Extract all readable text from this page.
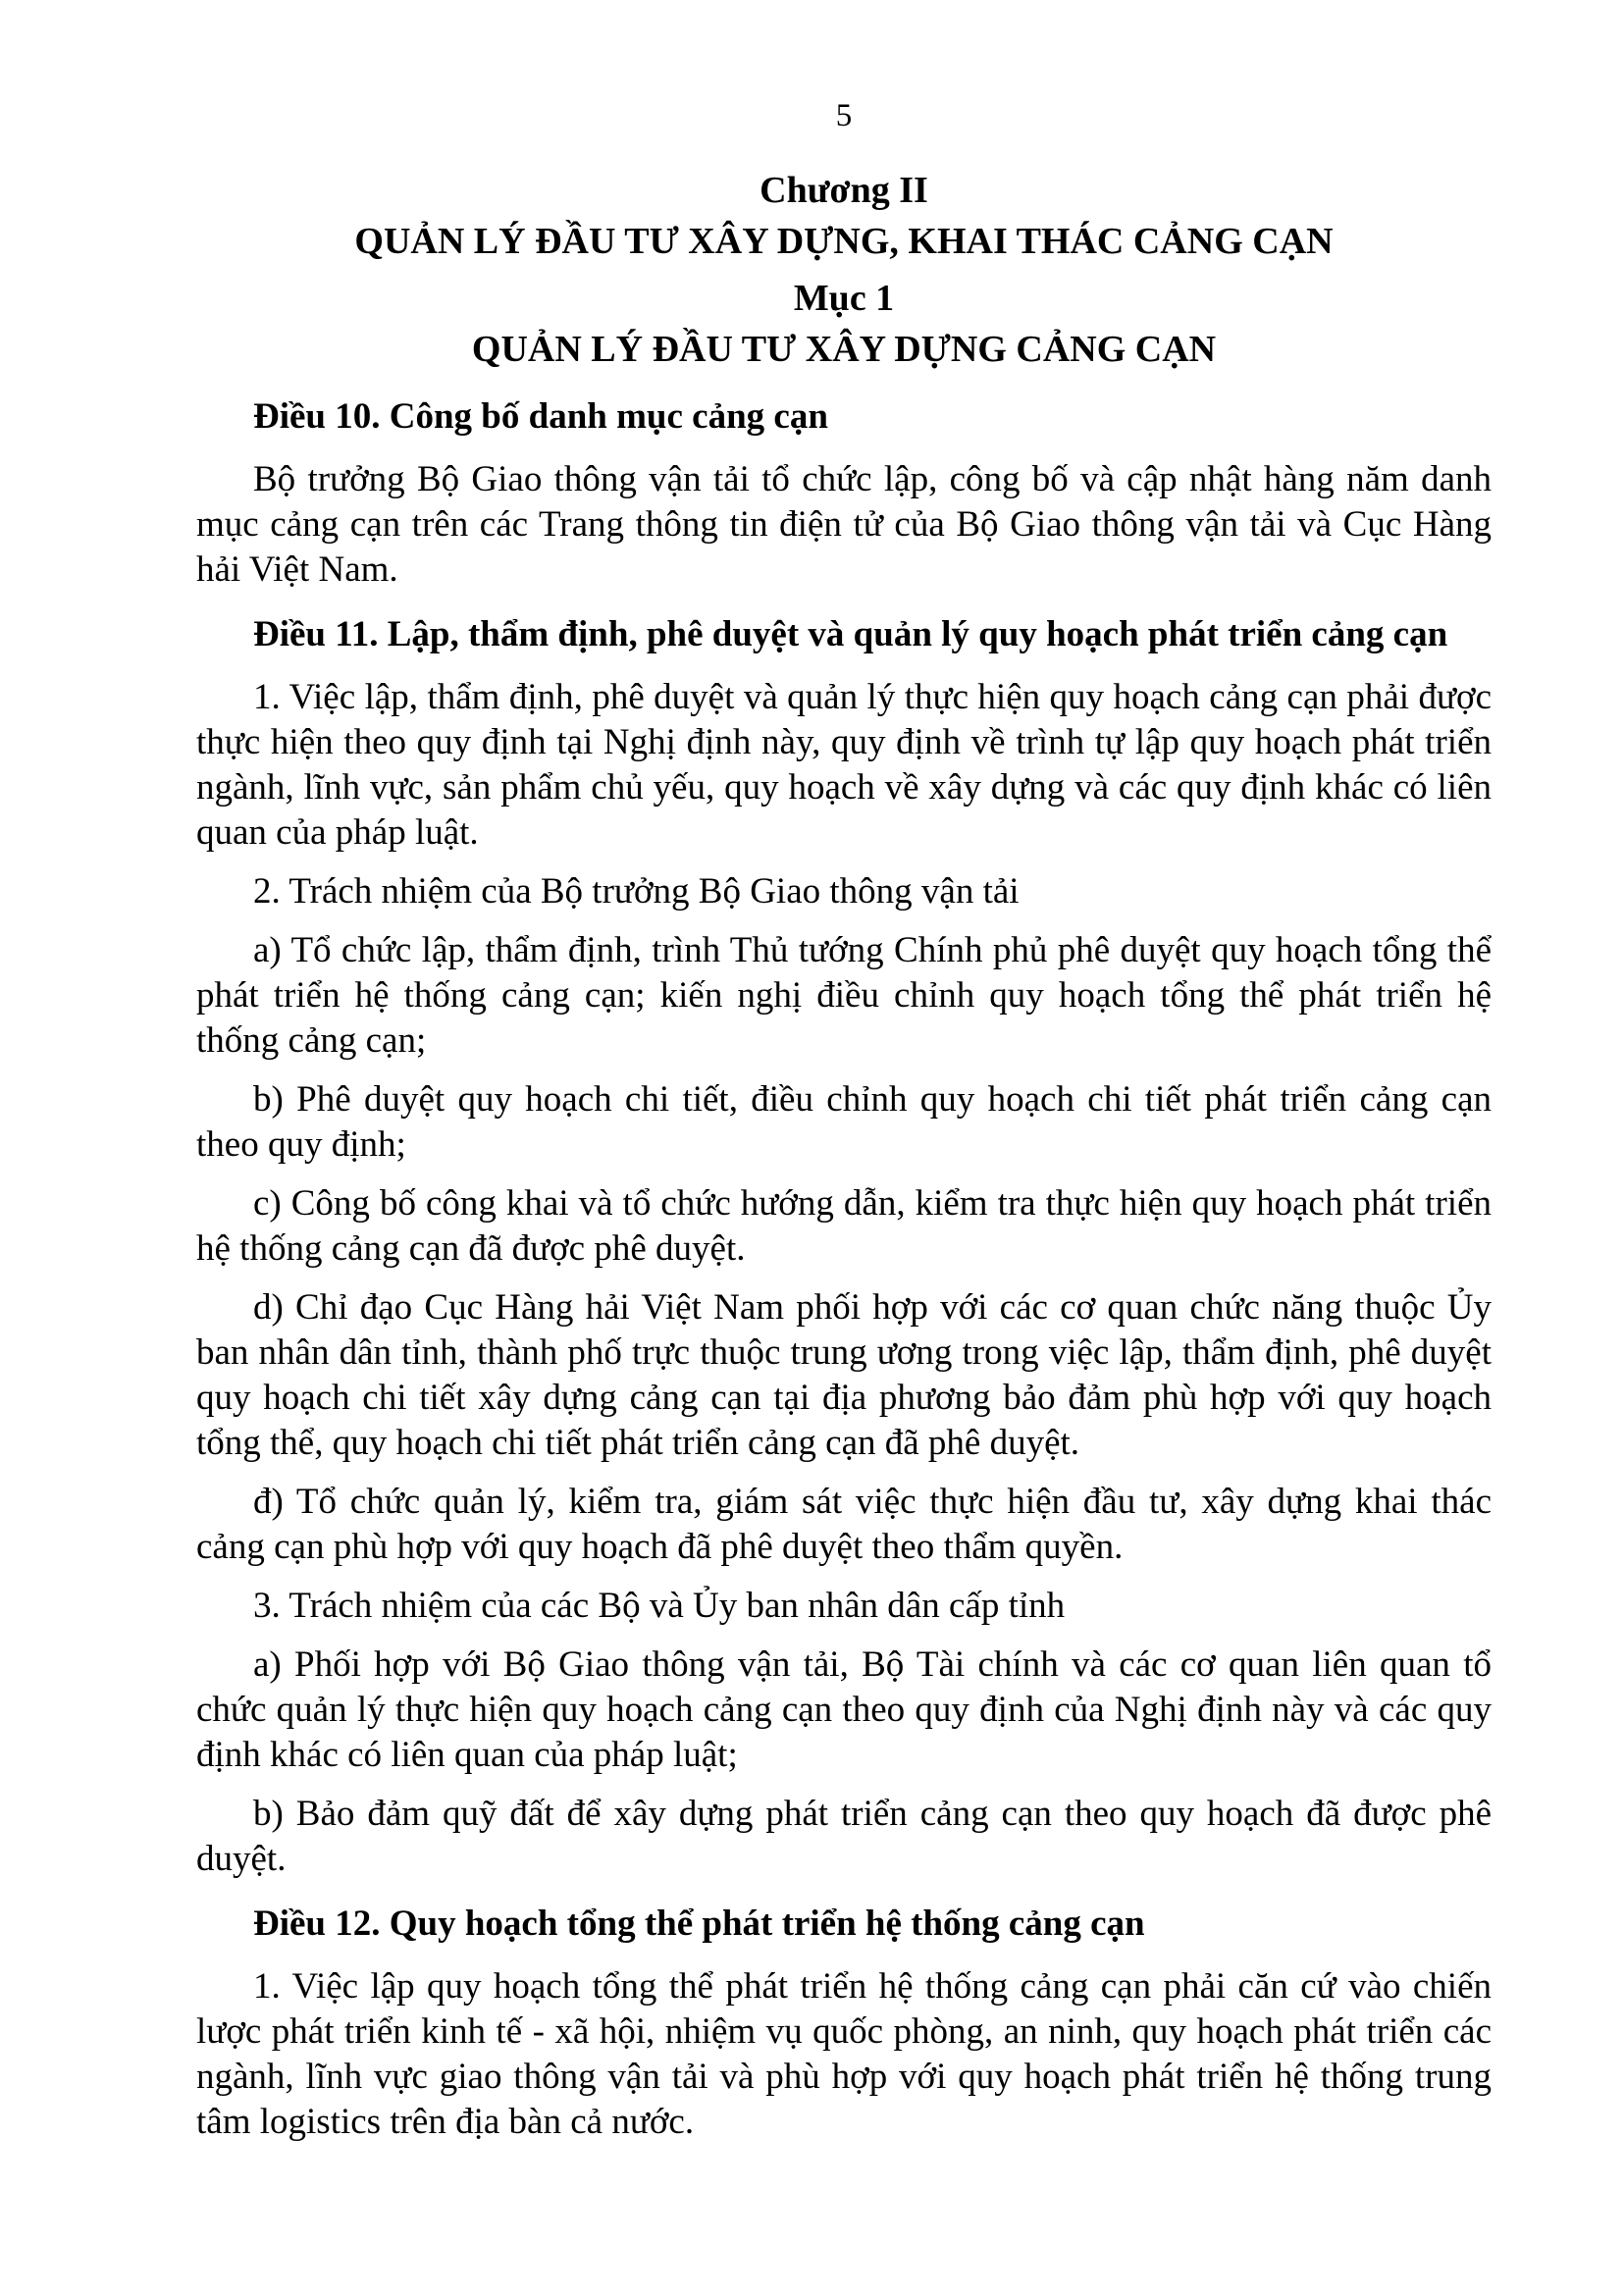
5

Chương II

QUẢN LÝ ĐẦU TƯ XÂY DỰNG, KHAI THÁC CẢNG CẠN

Mục 1

QUẢN LÝ ĐẦU TƯ XÂY DỰNG CẢNG CẠN

Điều 10. Công bố danh mục cảng cạn

Bộ trưởng Bộ Giao thông vận tải tổ chức lập, công bố và cập nhật hàng năm danh mục cảng cạn trên các Trang thông tin điện tử của Bộ Giao thông vận tải và Cục Hàng hải Việt Nam.

Điều 11. Lập, thẩm định, phê duyệt và quản lý quy hoạch phát triển cảng cạn

1. Việc lập, thẩm định, phê duyệt và quản lý thực hiện quy hoạch cảng cạn phải được thực hiện theo quy định tại Nghị định này, quy định về trình tự lập quy hoạch phát triển ngành, lĩnh vực, sản phẩm chủ yếu, quy hoạch về xây dựng và các quy định khác có liên quan của pháp luật.

2. Trách nhiệm của Bộ trưởng Bộ Giao thông vận tải

a) Tổ chức lập, thẩm định, trình Thủ tướng Chính phủ phê duyệt quy hoạch tổng thể phát triển hệ thống cảng cạn; kiến nghị điều chỉnh quy hoạch tổng thể phát triển hệ thống cảng cạn;

b) Phê duyệt quy hoạch chi tiết, điều chỉnh quy hoạch chi tiết phát triển cảng cạn theo quy định;

c) Công bố công khai và tổ chức hướng dẫn, kiểm tra thực hiện quy hoạch phát triển hệ thống cảng cạn đã được phê duyệt.

d) Chỉ đạo Cục Hàng hải Việt Nam phối hợp với các cơ quan chức năng thuộc Ủy ban nhân dân tỉnh, thành phố trực thuộc trung ương trong việc lập, thẩm định, phê duyệt quy hoạch chi tiết xây dựng cảng cạn tại địa phương bảo đảm phù hợp với quy hoạch tổng thể, quy hoạch chi tiết phát triển cảng cạn đã phê duyệt.

đ) Tổ chức quản lý, kiểm tra, giám sát việc thực hiện đầu tư, xây dựng khai thác cảng cạn phù hợp với quy hoạch đã phê duyệt theo thẩm quyền.

3. Trách nhiệm của các Bộ và Ủy ban nhân dân cấp tỉnh

a) Phối hợp với Bộ Giao thông vận tải, Bộ Tài chính và các cơ quan liên quan tổ chức quản lý thực hiện quy hoạch cảng cạn theo quy định của Nghị định này và các quy định khác có liên quan của pháp luật;

b) Bảo đảm quỹ đất để xây dựng phát triển cảng cạn theo quy hoạch đã được phê duyệt.

Điều 12. Quy hoạch tổng thể phát triển hệ thống cảng cạn

1. Việc lập quy hoạch tổng thể phát triển hệ thống cảng cạn phải căn cứ vào chiến lược phát triển kinh tế - xã hội, nhiệm vụ quốc phòng, an ninh, quy hoạch phát triển các ngành, lĩnh vực giao thông vận tải và phù hợp với quy hoạch phát triển hệ thống trung tâm logistics trên địa bàn cả nước.
